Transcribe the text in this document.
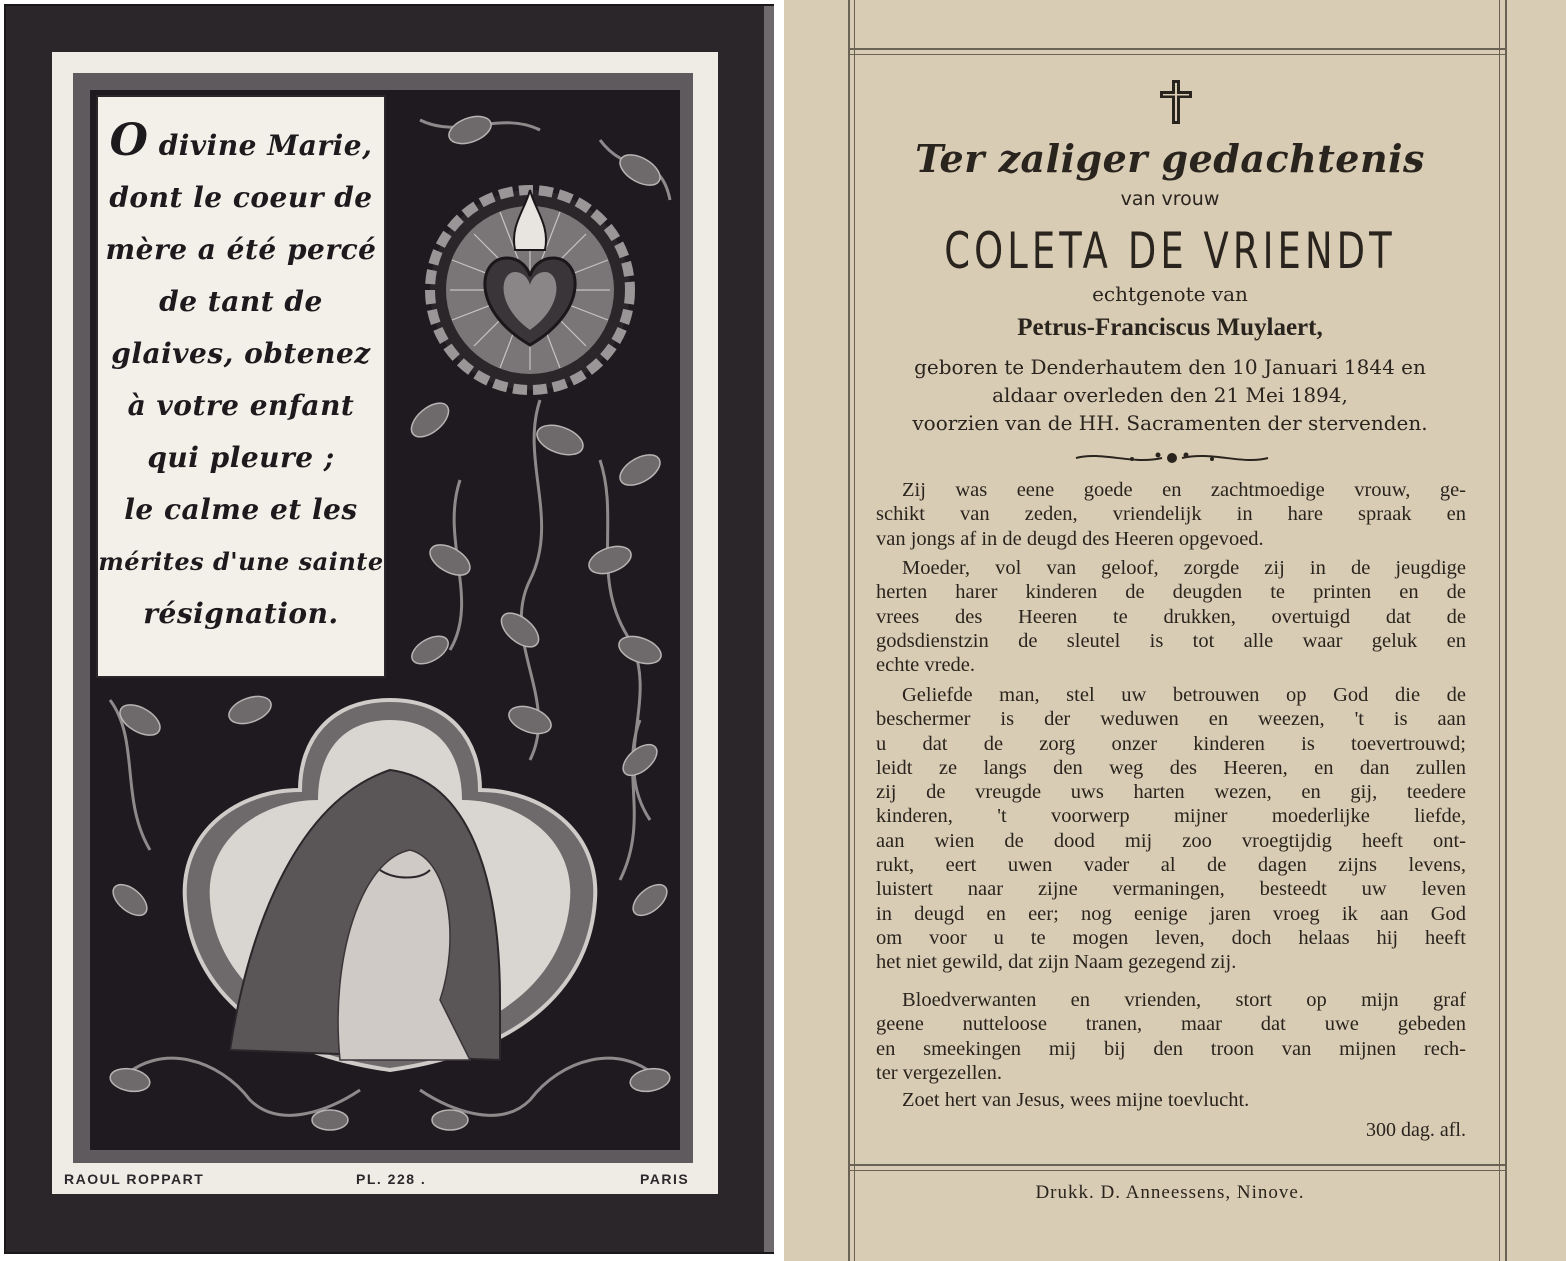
O divine Marie,
dont le coeur de
mère a été percé
de tant de
glaives, obtenez
à votre enfant
qui pleure ;
le calme et les
mérites d'une sainte
résignation.
RAOUL ROPPART	PL. 228 .	PARIS
Ter zaliger gedachtenis
van vrouw
COLETA DE VRIENDT
echtgenote van
Petrus-Franciscus Muylaert,
geboren te Denderhautem den 10 Januari 1844 en
aldaar overleden den 21 Mei 1894,
voorzien van de HH. Sacramenten der stervenden.
Zij was eene goede en zachtmoedige vrouw, ge-
schikt van zeden, vriendelijk in hare spraak en
van jongs af in de deugd des Heeren opgevoed.
Moeder, vol van geloof, zorgde zij in de jeugdige
herten harer kinderen de deugden te printen en de
vrees des Heeren te drukken, overtuigd dat de
godsdienstzin de sleutel is tot alle waar geluk en
echte vrede.
Geliefde man, stel uw betrouwen op God die de
beschermer is der weduwen en weezen, 't is aan
u dat de zorg onzer kinderen is toevertrouwd;
leidt ze langs den weg des Heeren, en dan zullen
zij de vreugde uws harten wezen, en gij, teedere
kinderen, 't voorwerp mijner moederlijke liefde,
aan wien de dood mij zoo vroegtijdig heeft ont-
rukt, eert uwen vader al de dagen zijns levens,
luistert naar zijne vermaningen, besteedt uw leven
in deugd en eer; nog eenige jaren vroeg ik aan God
om voor u te mogen leven, doch helaas hij heeft
het niet gewild, dat zijn Naam gezegend zij.
Bloedverwanten en vrienden, stort op mijn graf
geene nutteloose tranen, maar dat uwe gebeden
en smeekingen mij bij den troon van mijnen rech-
ter vergezellen.
Zoet hert van Jesus, wees mijne toevlucht.
300 dag. afl.
Drukk. D. Anneessens, Ninove.
